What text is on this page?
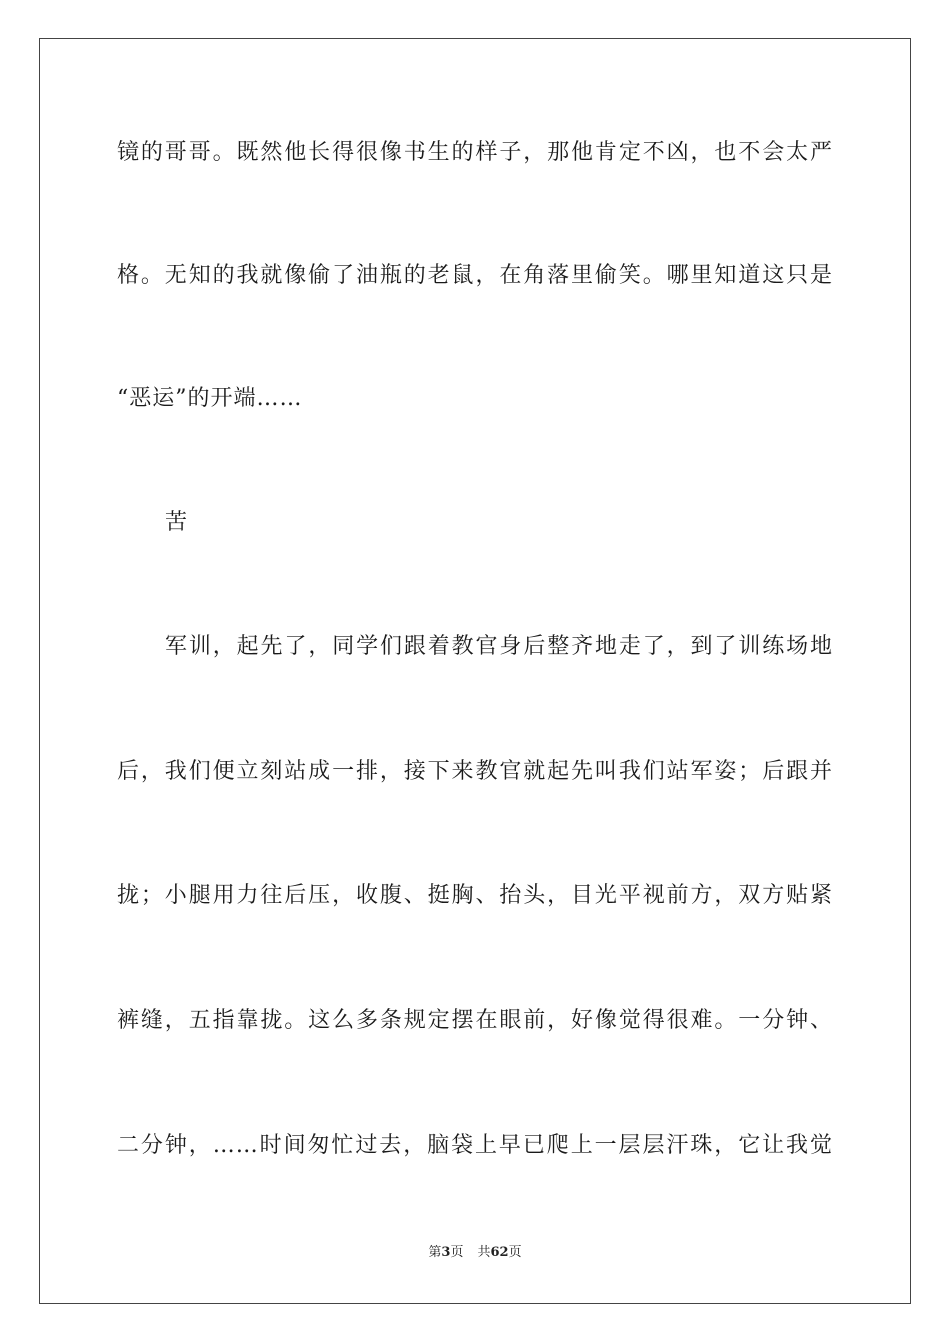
镜的哥哥。既然他长得很像书生的样子，那他肯定不凶，也不会太严
格。无知的我就像偷了油瓶的老鼠，在角落里偷笑。哪里知道这只是
“恶运”的开端……
苦
军训，起先了，同学们跟着教官身后整齐地走了，到了训练场地
后，我们便立刻站成一排，接下来教官就起先叫我们站军姿；后跟并
拢；小腿用力往后压，收腹、挺胸、抬头，目光平视前方，双方贴紧
裤缝，五指靠拢。这么多条规定摆在眼前，好像觉得很难。一分钟、
二分钟，……时间匆忙过去，脑袋上早已爬上一层层汗珠，它让我觉
第3页 共62页
